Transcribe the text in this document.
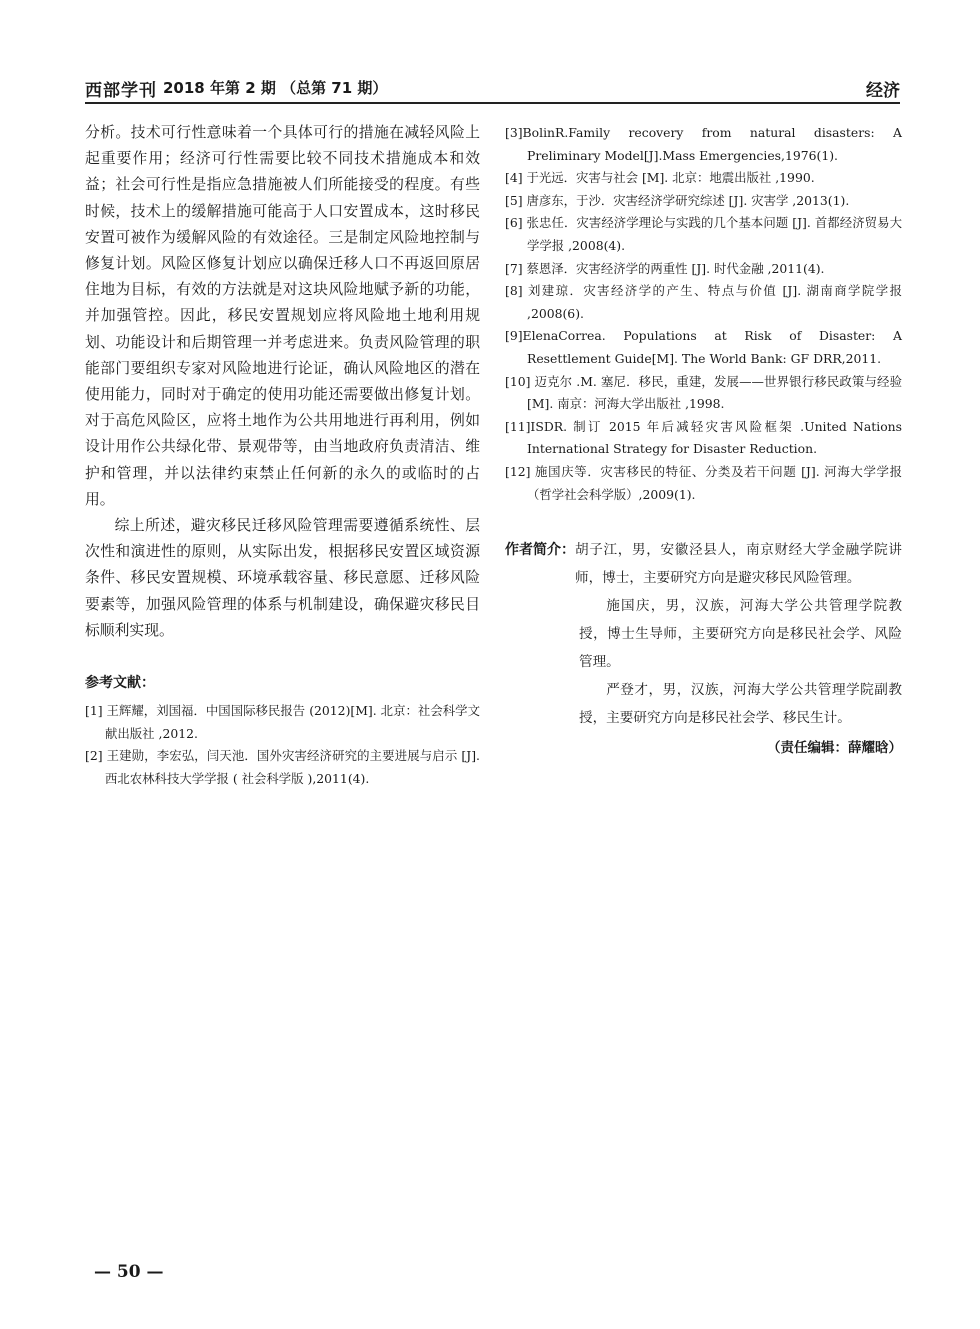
西部学刊 2018 年第 2 期 （总第 71 期）	经济

分析。技术可行性意味着一个具体可行的措施在减轻风险上起重要作用；经济可行性需要比较不同技术措施成本和效益；社会可行性是指应急措施被人们所能接受的程度。有些时候，技术上的缓解措施可能高于人口安置成本，这时移民安置可被作为缓解风险的有效途径。三是制定风险地控制与修复计划。风险区修复计划应以确保迁移人口不再返回原居住地为目标，有效的方法就是对这块风险地赋予新的功能，并加强管控。因此，移民安置规划应将风险地土地利用规划、功能设计和后期管理一并考虑进来。负责风险管理的职能部门要组织专家对风险地进行论证，确认风险地区的潜在使用能力，同时对于确定的使用功能还需要做出修复计划。对于高危风险区，应将土地作为公共用地进行再利用，例如设计用作公共绿化带、景观带等，由当地政府负责清洁、维护和管理，并以法律约束禁止任何新的永久的或临时的占用。

综上所述，避灾移民迁移风险管理需要遵循系统性、层次性和演进性的原则，从实际出发，根据移民安置区域资源条件、移民安置规模、环境承载容量、移民意愿、迁移风险要素等，加强风险管理的体系与机制建设，确保避灾移民目标顺利实现。

参考文献：

[1] 王辉耀，刘国福．中国国际移民报告 (2012)[M]. 北京：社会科学文献出版社 ,2012.

[2] 王建勋，李宏弘，闫天池．国外灾害经济研究的主要进展与启示 [J]. 西北农林科技大学学报 ( 社会科学版 ),2011(4).

[3]BolinR.Family recovery from natural disasters: A Preliminary Model[J].Mass Emergencies,1976(1).

[4] 于光远．灾害与社会 [M]. 北京：地震出版社 ,1990.

[5] 唐彦东，于沙．灾害经济学研究综述 [J]. 灾害学 ,2013(1).

[6] 张忠任．灾害经济学理论与实践的几个基本问题 [J]. 首都经济贸易大学学报 ,2008(4).

[7] 蔡恩泽．灾害经济学的两重性 [J]. 时代金融 ,2011(4).

[8] 刘建琼．灾害经济学的产生、特点与价值 [J]. 湖南商学院学报 ,2008(6).

[9]ElenaCorrea. Populations at Risk of Disaster: A Resettlement Guide[M]. The World Bank: GF DRR,2011.

[10] 迈克尔 .M. 塞尼．移民，重建，发展——世界银行移民政策与经验 [M]. 南京：河海大学出版社 ,1998.

[11]ISDR. 制订 2015 年后减轻灾害风险框架 .United Nations International Strategy for Disaster Reduction.

[12] 施国庆等．灾害移民的特征、分类及若干问题 [J]. 河海大学学报（哲学社会科学版）,2009(1).

作者简介： 胡子江，男，安徽泾县人，南京财经大学金融学院讲师，博士，主要研究方向是避灾移民风险管理。

施国庆，男，汉族，河海大学公共管理学院教授，博士生导师，主要研究方向是移民社会学、风险管理。

严登才，男，汉族，河海大学公共管理学院副教授，主要研究方向是移民社会学、移民生计。

（责任编辑：薛耀晗）
— 50 —
